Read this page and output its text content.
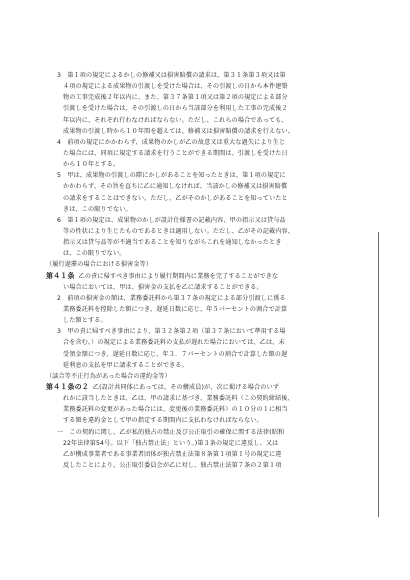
3　第１項の規定によるかしの修補又は損害賠償の請求は、第３１条第３項又は第
４項の規定による成果物の引渡しを受けた場合は、その引渡しの日から本件建築
物の工事完成後２年以内に、また、第３７条第１項又は第２項の規定による部分
引渡しを受けた場合は、その引渡しの日から当該部分を利用した工事の完成後２
年以内に、それぞれ行わなければならない。ただし、これらの場合であっても、
成果物の引渡し時から１０年間を超えては、修補又は損害賠償の請求を行えない。
4　前項の規定にかかわらず、成果物のかしが乙の故意又は重大な過失により生じ
た場合には、同項に規定する請求を行うことができる期間は、引渡しを受けた日
から１０年とする。
5　甲は、成果物の引渡しの際にかしがあることを知ったときは、第１項の規定に
かかわらず、その旨を直ちに乙に通知しなければ、当該かしの修補又は損害賠償
の請求をすることはできない。ただし、乙がそのかしがあることを知っていたと
きは、この限りでない。
6　第１項の規定は、成果物のかしが設計仕様書の記載内容、甲の指示又は貸与品
等の性状により生じたものであるときは適用しない。ただし、乙がその記載内容、
指示又は貸与品等が不適当であることを知りながらこれを通知しなかったとき
は、この限りでない。
（履行遅滞の場合における損害金等）
第４１条 乙の責に帰すべき事由により履行期間内に業務を完了することができな
い場合においては、甲は、損害金の支払を乙に請求することができる。
2　前項の損害金の額は、業務委託料から第３７条の規定による部分引渡しに係る
業務委託料を控除した額につき、遅延日数に応じ、年５パーセントの割合で計算
した額とする。
3　甲の責に帰すべき事由により、第３２条第２項（第３７条において準用する場
合を含む。）の規定による業務委託料の支払が遅れた場合においては、乙は、未
受領金額につき、遅延日数に応じ、年３．７パーセントの割合で計算した額の遅
延利息の支払を甲に請求することができる。
（談合等不正行為があった場合の違約金等）
第４１条の２ 乙(設計共同体にあっては、その構成員)が、次に掲げる場合のいず
れかに該当したときは、乙は、甲の請求に基づき、業務委託料（この契約締結後、
業務委託料の変更があった場合には、変更後の業務委託料）の１０分の１に相当
する額を違約金として甲の指定する期間内に支払わなければならない。
一　この契約に関し、乙が私的独占の禁止及び公正取引の確保に関する法律(昭和
22年法律第54号。以下「独占禁止法」という。)第３条の規定に違反し、又は
乙が構成事業者である事業者団体が独占禁止法第８条第１項第１号の規定に違
反したことにより、公正取引委員会が乙に対し、独占禁止法第７条の２第１項
